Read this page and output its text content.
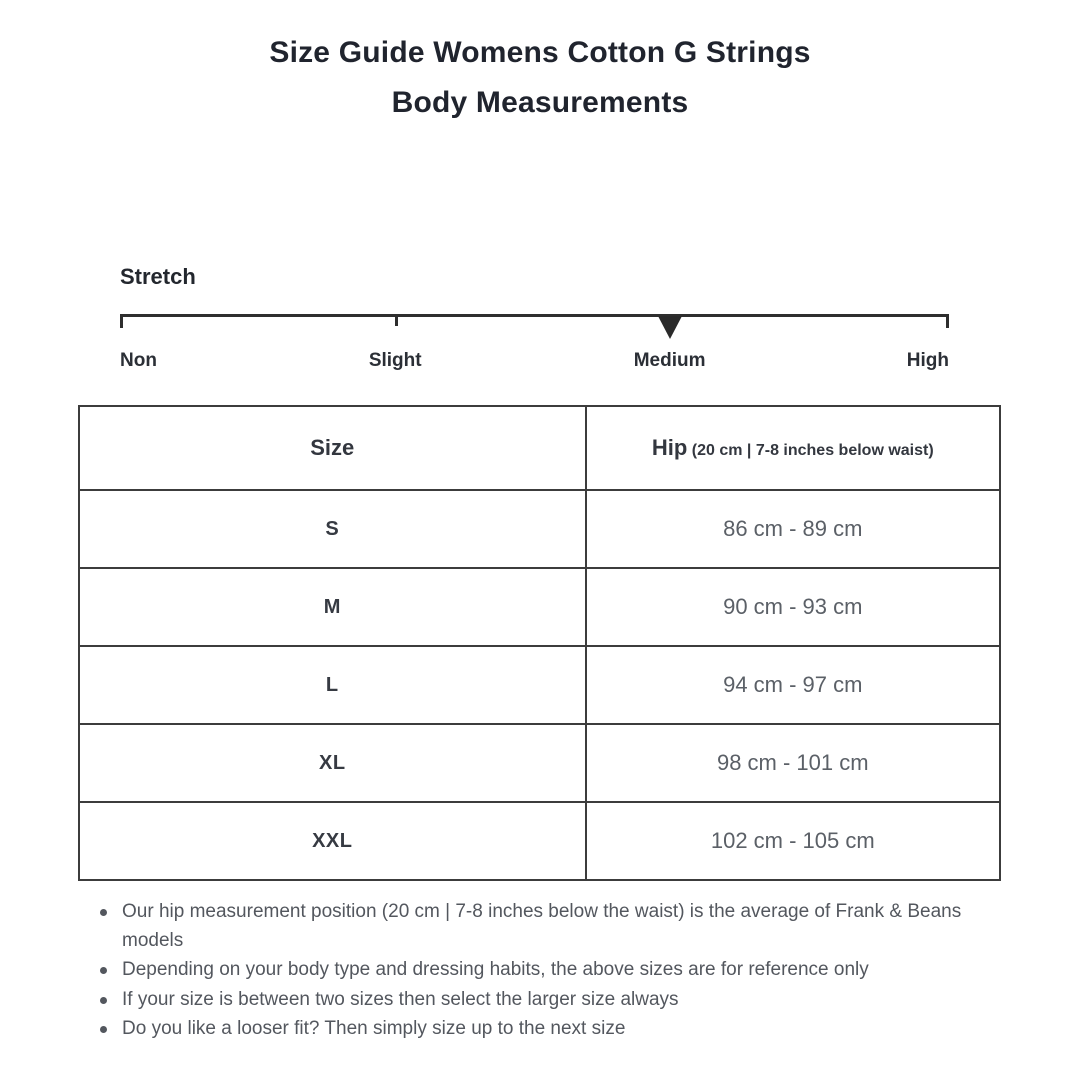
Size Guide Womens Cotton G Strings
Body Measurements
Stretch
Non	Slight	Medium	High
Size	Hip (20 cm | 7-8 inches below waist)
S	86 cm - 89 cm
M	90 cm - 93 cm
L	94 cm - 97 cm
XL	98 cm - 101 cm
XXL	102 cm - 105 cm
Our hip measurement position (20 cm | 7-8 inches below the waist) is the average of Frank & Beans models
Depending on your body type and dressing habits, the above sizes are for reference only
If your size is between two sizes then select the larger size always
Do you like a looser fit? Then simply size up to the next size
